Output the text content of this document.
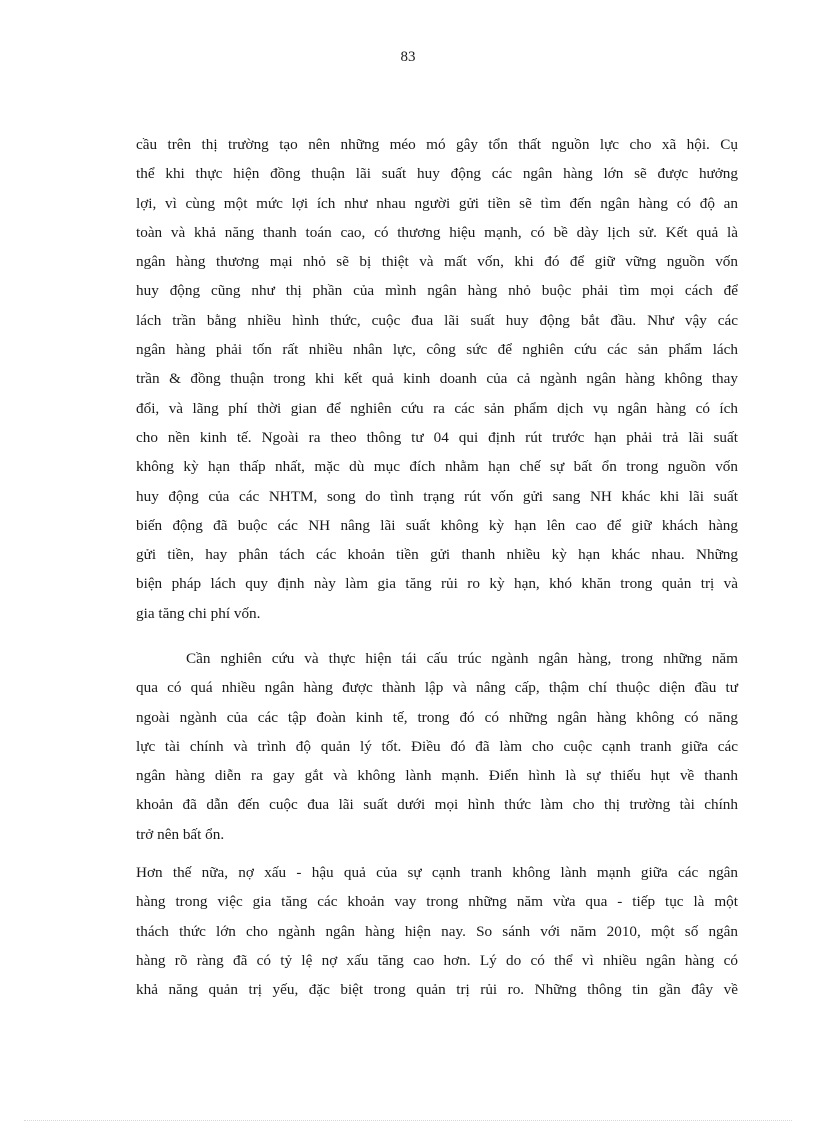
83
cầu trên thị trường tạo nên những méo mó gây tổn thất nguồn lực cho xã hội. Cụ
thể khi thực hiện đồng thuận lãi suất huy động các ngân hàng lớn sẽ được hưởng
lợi, vì cùng một mức lợi ích như nhau người gửi tiền sẽ tìm đến ngân hàng có độ an
toàn và khả năng thanh toán cao, có thương hiệu mạnh, có bề dày lịch sử. Kết quả là
ngân hàng thương mại nhỏ sẽ bị thiệt và mất vốn, khi đó để giữ vững nguồn vốn
huy động cũng như thị phần của mình ngân hàng nhỏ buộc phải tìm mọi cách để
lách trần bằng nhiều hình thức, cuộc đua lãi suất huy động bắt đầu. Như vậy các
ngân hàng phải tốn rất nhiều nhân lực, công sức để nghiên cứu các sản phẩm lách
trần & đồng thuận trong khi kết quả kinh doanh của cả ngành ngân hàng không thay
đổi, và lãng phí thời gian để nghiên cứu ra các sản phẩm dịch vụ ngân hàng có ích
cho nền kinh tế. Ngoài ra theo thông tư 04 qui định rút trước hạn phải trả lãi suất
không kỳ hạn thấp nhất, mặc dù mục đích nhằm hạn chế sự bất ổn trong nguồn vốn
huy động của các NHTM, song do tình trạng rút vốn gửi sang NH khác khi lãi suất
biến động đã buộc các NH nâng lãi suất không kỳ hạn lên cao để giữ khách hàng
gửi tiền, hay phân tách các khoản tiền gửi thanh nhiều kỳ hạn khác nhau. Những
biện pháp lách quy định này làm gia tăng rủi ro kỳ hạn, khó khăn trong quản trị và
gia tăng chi phí vốn.
Cần nghiên cứu và thực hiện tái cấu trúc ngành ngân hàng, trong những năm
qua có quá nhiều ngân hàng được thành lập và nâng cấp, thậm chí thuộc diện đầu tư
ngoài ngành của các tập đoàn kinh tế, trong đó có những ngân hàng không có năng
lực tài chính và trình độ quản lý tốt. Điều đó đã làm cho cuộc cạnh tranh giữa các
ngân hàng diễn ra gay gắt và không lành mạnh. Điển hình là sự thiếu hụt về thanh
khoản đã dẫn đến cuộc đua lãi suất dưới mọi hình thức làm cho thị trường tài chính
trở nên bất ổn.
Hơn thế nữa, nợ xấu - hậu quả của sự cạnh tranh không lành mạnh giữa các ngân
hàng trong việc gia tăng các khoản vay trong những năm vừa qua - tiếp tục là một
thách thức lớn cho ngành ngân hàng hiện nay. So sánh với năm 2010, một số ngân
hàng rõ ràng đã có tỷ lệ nợ xấu tăng cao hơn. Lý do có thể vì nhiều ngân hàng có
khả năng quản trị yếu, đặc biệt trong quản trị rủi ro. Những thông tin gần đây về
